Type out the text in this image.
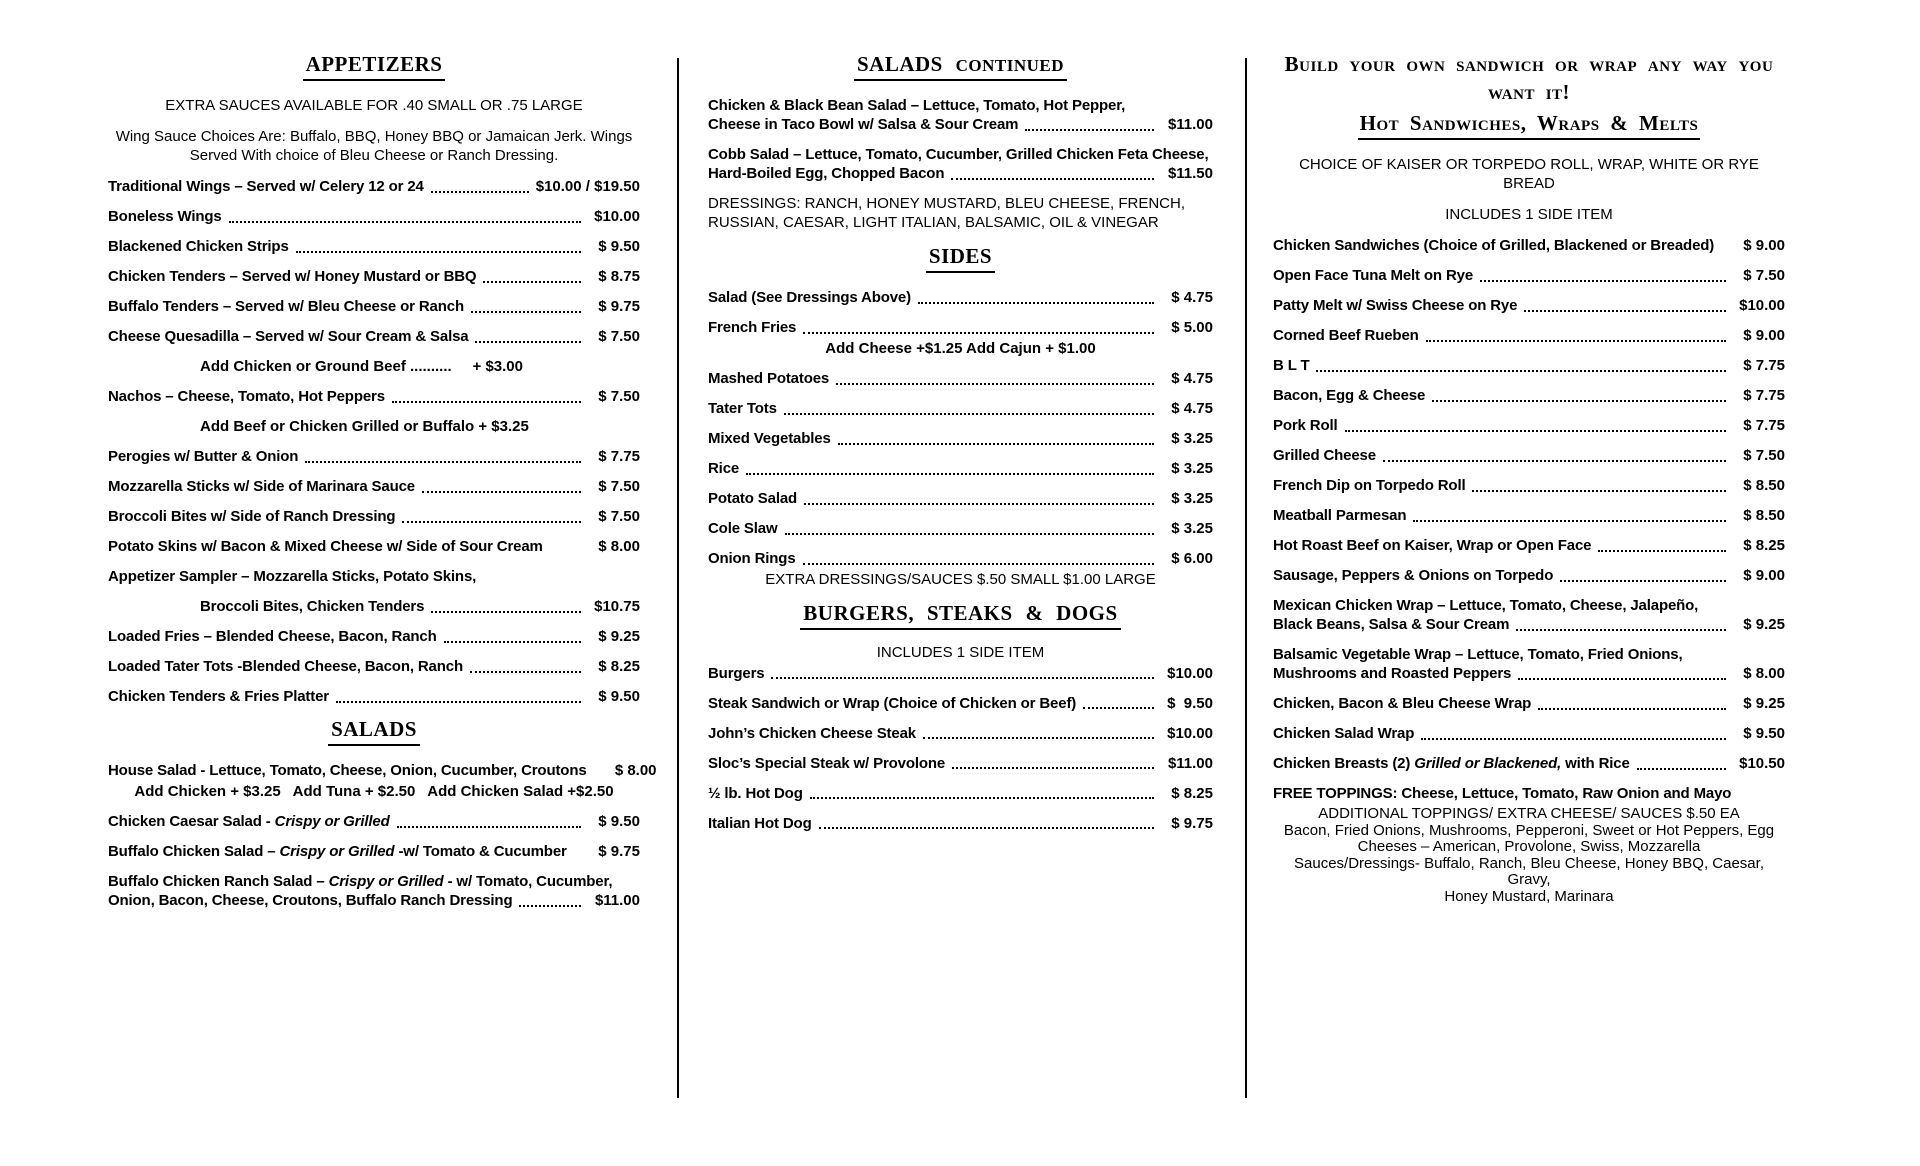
APPETIZERS
EXTRA SAUCES AVAILABLE FOR .40 SMALL OR .75 LARGE
Wing Sauce Choices Are: Buffalo, BBQ, Honey BBQ or Jamaican Jerk. Wings
Served With choice of Bleu Cheese or Ranch Dressing.
Traditional Wings – Served w/ Celery 12 or 24	$10.00 / $19.50
Boneless Wings	$10.00
Blackened Chicken Strips	$ 9.50
Chicken Tenders – Served w/ Honey Mustard or BBQ	$ 8.75
Buffalo Tenders – Served w/ Bleu Cheese or Ranch	$ 9.75
Cheese Quesadilla – Served w/ Sour Cream & Salsa	$ 7.50
Add Chicken or Ground Beef ..........     + $3.00
Nachos – Cheese, Tomato, Hot Peppers	$ 7.50
Add Beef or Chicken Grilled or Buffalo + $3.25
Perogies w/ Butter & Onion	$ 7.75
Mozzarella Sticks w/ Side of Marinara Sauce	$ 7.50
Broccoli Bites w/ Side of Ranch Dressing	$ 7.50
Potato Skins w/ Bacon & Mixed Cheese w/ Side of Sour Cream	$ 8.00
Appetizer Sampler – Mozzarella Sticks, Potato Skins,
Broccoli Bites, Chicken Tenders	$10.75
Loaded Fries – Blended Cheese, Bacon, Ranch	$ 9.25
Loaded Tater Tots -Blended Cheese, Bacon, Ranch	$ 8.25
Chicken Tenders & Fries Platter	$ 9.50
SALADS
House Salad - Lettuce, Tomato, Cheese, Onion, Cucumber, Croutons	$ 8.00
Add Chicken + $3.25   Add Tuna + $2.50   Add Chicken Salad +$2.50
Chicken Caesar Salad - Crispy or Grilled	$ 9.50
Buffalo Chicken Salad – Crispy or Grilled -w/ Tomato & Cucumber	$ 9.75
Buffalo Chicken Ranch Salad – Crispy or Grilled - w/ Tomato, Cucumber,
Onion, Bacon, Cheese, Croutons, Buffalo Ranch Dressing	$11.00
SALADS CONTINUED
Chicken & Black Bean Salad – Lettuce, Tomato, Hot Pepper,
Cheese in Taco Bowl w/ Salsa & Sour Cream	$11.00
Cobb Salad – Lettuce, Tomato, Cucumber, Grilled Chicken Feta Cheese,
Hard-Boiled Egg, Chopped Bacon	$11.50
DRESSINGS: RANCH, HONEY MUSTARD, BLEU CHEESE, FRENCH,
RUSSIAN, CAESAR, LIGHT ITALIAN, BALSAMIC, OIL & VINEGAR
SIDES
Salad (See Dressings Above)	$ 4.75
French Fries	$ 5.00
Add Cheese +$1.25 Add Cajun + $1.00
Mashed Potatoes	$ 4.75
Tater Tots	$ 4.75
Mixed Vegetables	$ 3.25
Rice	$ 3.25
Potato Salad	$ 3.25
Cole Slaw	$ 3.25
Onion Rings	$ 6.00
EXTRA DRESSINGS/SAUCES $.50 SMALL $1.00 LARGE
BURGERS, STEAKS & DOGS
INCLUDES 1 SIDE ITEM
Burgers	$10.00
Steak Sandwich or Wrap (Choice of Chicken or Beef)	$  9.50
John’s Chicken Cheese Steak	$10.00
Sloc’s Special Steak w/ Provolone	$11.00
½ lb. Hot Dog	$ 8.25
Italian Hot Dog	$ 9.75
Build your own sandwich or wrap any way you want it!
Hot Sandwiches, Wraps & Melts
CHOICE OF KAISER OR TORPEDO ROLL, WRAP, WHITE OR RYE BREAD
INCLUDES 1 SIDE ITEM
Chicken Sandwiches (Choice of Grilled, Blackened or Breaded)	$ 9.00
Open Face Tuna Melt on Rye	$ 7.50
Patty Melt w/ Swiss Cheese on Rye	$10.00
Corned Beef Rueben	$ 9.00
B L T	$ 7.75
Bacon, Egg & Cheese	$ 7.75
Pork Roll	$ 7.75
Grilled Cheese	$ 7.50
French Dip on Torpedo Roll	$ 8.50
Meatball Parmesan	$ 8.50
Hot Roast Beef on Kaiser, Wrap or Open Face	$ 8.25
Sausage, Peppers & Onions on Torpedo	$ 9.00
Mexican Chicken Wrap – Lettuce, Tomato, Cheese, Jalapeño,
Black Beans, Salsa & Sour Cream	$ 9.25
Balsamic Vegetable Wrap – Lettuce, Tomato, Fried Onions,
Mushrooms and Roasted Peppers	$ 8.00
Chicken, Bacon & Bleu Cheese Wrap	$ 9.25
Chicken Salad Wrap	$ 9.50
Chicken Breasts (2) Grilled or Blackened, with Rice	$10.50
FREE TOPPINGS: Cheese, Lettuce, Tomato, Raw Onion and Mayo
ADDITIONAL TOPPINGS/ EXTRA CHEESE/ SAUCES $.50 EA
Bacon, Fried Onions, Mushrooms, Pepperoni, Sweet or Hot Peppers, Egg
Cheeses – American, Provolone, Swiss, Mozzarella
Sauces/Dressings- Buffalo, Ranch, Bleu Cheese, Honey BBQ, Caesar, Gravy,
Honey Mustard, Marinara
